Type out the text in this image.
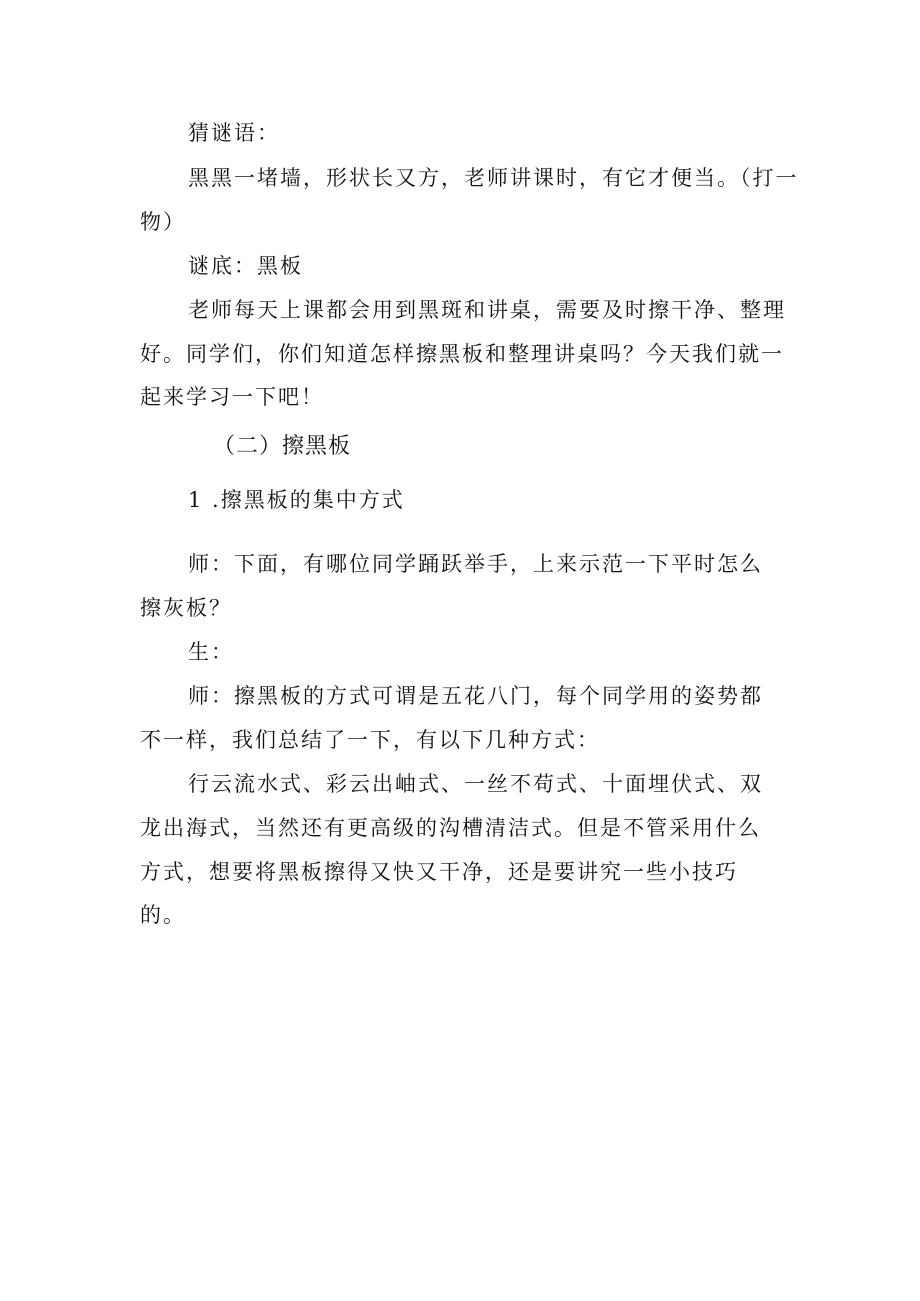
猜谜语：
黑黑一堵墙，形状长又方，老师讲课时，有它才便当。（打一
物）
谜底：黑板
老师每天上课都会用到黑斑和讲桌，需要及时擦干净、整理
好。同学们，你们知道怎样擦黑板和整理讲桌吗？今天我们就一
起来学习一下吧！
（二）擦黑板
1 .擦黑板的集中方式
师：下面，有哪位同学踊跃举手，上来示范一下平时怎么
擦灰板？
生：
师：擦黑板的方式可谓是五花八门，每个同学用的姿势都
不一样，我们总结了一下，有以下几种方式：
行云流水式、彩云出岫式、一丝不苟式、十面埋伏式、双
龙出海式，当然还有更高级的沟槽清洁式。但是不管采用什么
方式，想要将黑板擦得又快又干净，还是要讲究一些小技巧
的。
